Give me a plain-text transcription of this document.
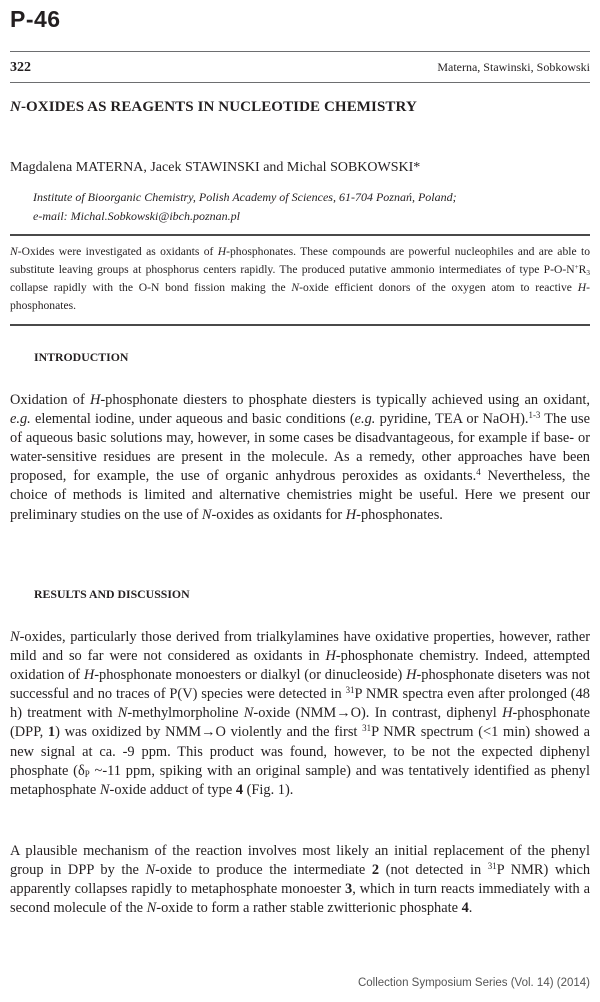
P-46
322	Materna, Stawinski, Sobkowski
N-OXIDES AS REAGENTS IN NUCLEOTIDE CHEMISTRY
Magdalena MATERNA, Jacek STAWINSKI and Michal SOBKOWSKI*
Institute of Bioorganic Chemistry, Polish Academy of Sciences, 61-704 Poznań, Poland;
e-mail: Michal.Sobkowski@ibch.poznan.pl
N-Oxides were investigated as oxidants of H-phosphonates. These compounds are powerful nucleophiles and are able to substitute leaving groups at phosphorus centers rapidly. The produced putative ammonio intermediates of type $P-O-N^+R_3$ collapse rapidly with the O-N bond fission making the N-oxide efficient donors of the oxygen atom to reactive H-phosphonates.
INTRODUCTION
Oxidation of H-phosphonate diesters to phosphate diesters is typically achieved using an oxidant, e.g. elemental iodine, under aqueous and basic conditions (e.g. pyridine, TEA or NaOH).$^{1-3}$ The use of aqueous basic solutions may, however, in some cases be disadvantageous, for example if base- or water-sensitive residues are present in the molecule. As a remedy, other approaches have been proposed, for example, the use of organic anhydrous peroxides as oxidants.$^4$ Nevertheless, the choice of methods is limited and alternative chemistries might be useful. Here we present our preliminary studies on the use of N-oxides as oxidants for H-phosphonates.
RESULTS AND DISCUSSION
N-oxides, particularly those derived from trialkylamines have oxidative properties, however, rather mild and so far were not considered as oxidants in H-phosphonate chemistry. Indeed, attempted oxidation of H-phosphonate monoesters or dialkyl (or dinucleoside) H-phosphonate diseters was not successful and no traces of P(V) species were detected in $^{31}$P NMR spectra even after prolonged (48 h) treatment with N-methylmorpholine N-oxide (NMM→O). In contrast, diphenyl H-phosphonate (DPP, 1) was oxidized by NMM→O violently and the first $^{31}$P NMR spectrum (<1 min) showed a new signal at ca. -9 ppm. This product was found, however, to be not the expected diphenyl phosphate ($\delta_P$ ~-11 ppm, spiking with an original sample) and was tentatively identified as phenyl metaphosphate N-oxide adduct of type 4 (Fig. 1).
A plausible mechanism of the reaction involves most likely an initial replacement of the phenyl group in DPP by the N-oxide to produce the intermediate 2 (not detected in $^{31}$P NMR) which apparently collapses rapidly to metaphosphate monoester 3, which in turn reacts immediately with a second molecule of the N-oxide to form a rather stable zwitterionic phosphate 4.
Collection Symposium Series (Vol. 14) (2014)
